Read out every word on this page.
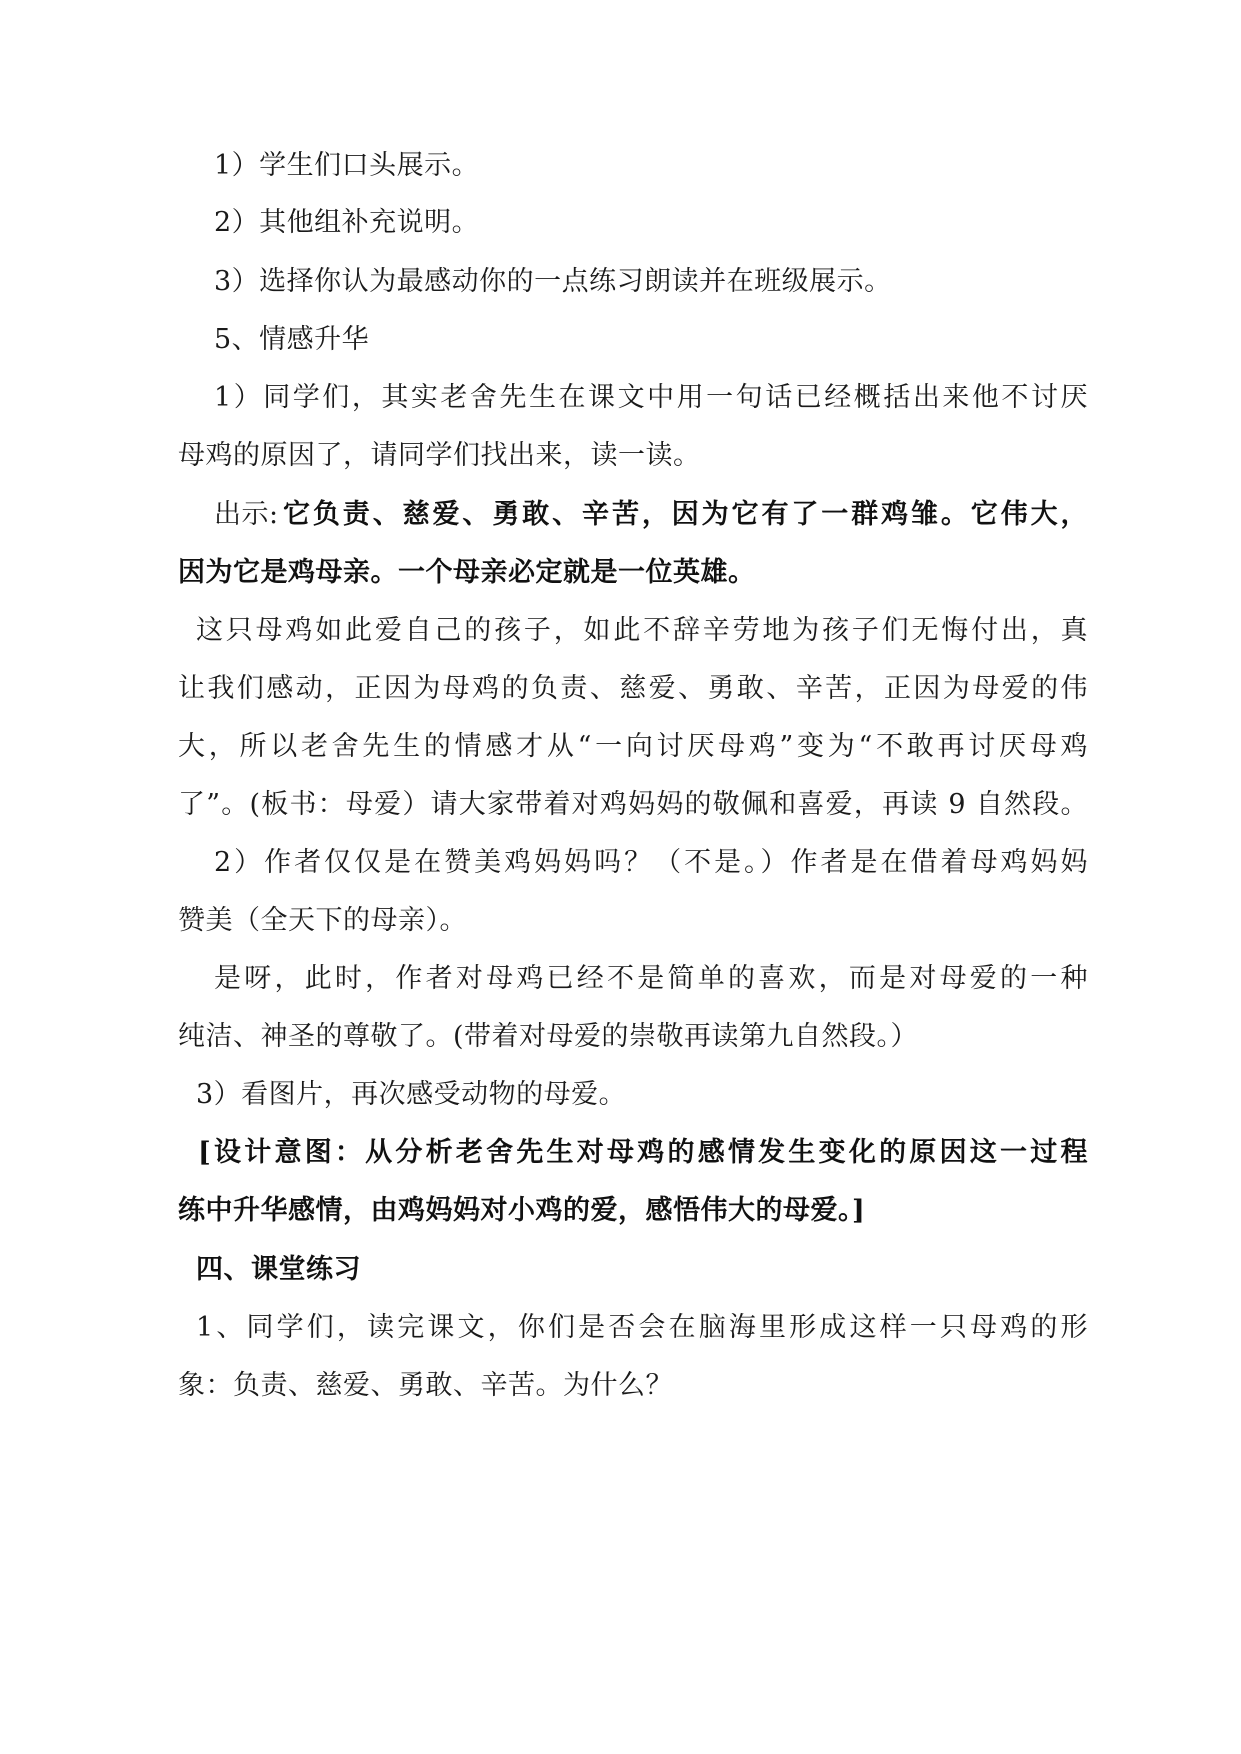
1）学生们口头展示。
2）其他组补充说明。
3）选择你认为最感动你的一点练习朗读并在班级展示。
5、情感升华
1）同学们，其实老舍先生在课文中用一句话已经概括出来他不讨厌
母鸡的原因了，请同学们找出来，读一读。
出示: 它负责、慈爱、勇敢、辛苦，因为它有了一群鸡雏。它伟大，
因为它是鸡母亲。一个母亲必定就是一位英雄。
这只母鸡如此爱自己的孩子，如此不辞辛劳地为孩子们无悔付出，真
让我们感动，正因为母鸡的负责、慈爱、勇敢、辛苦，正因为母爱的伟
大，所以老舍先生的情感才从“一向讨厌母鸡”变为“不敢再讨厌母鸡
了”。(板书：母爱）请大家带着对鸡妈妈的敬佩和喜爱，再读 9 自然段。
2）作者仅仅是在赞美鸡妈妈吗？（不是。）作者是在借着母鸡妈妈
赞美（全天下的母亲）。
是呀，此时，作者对母鸡已经不是简单的喜欢，而是对母爱的一种
纯洁、神圣的尊敬了。(带着对母爱的崇敬再读第九自然段。）
3）看图片，再次感受动物的母爱。
[设计意图：从分析老舍先生对母鸡的感情发生变化的原因这一过程
练中升华感情，由鸡妈妈对小鸡的爱，感悟伟大的母爱。]
四、课堂练习
1、同学们，读完课文，你们是否会在脑海里形成这样一只母鸡的形
象：负责、慈爱、勇敢、辛苦。为什么？
